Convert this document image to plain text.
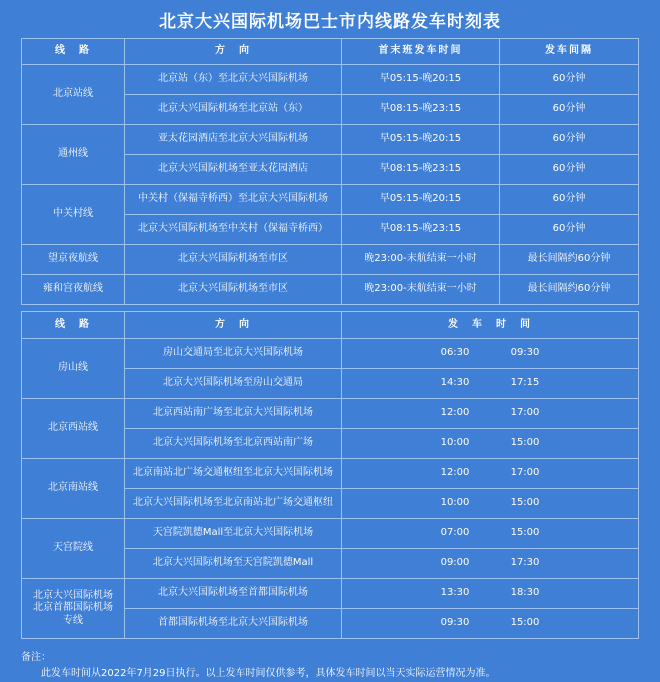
北京大兴国际机场巴士市内线路发车时刻表
线　路	方　向	首末班发车时间	发车间隔
北京站线	北京站（东）至北京大兴国际机场	早05:15-晚20:15	60分钟
	北京大兴国际机场至北京站（东）	早08:15-晚23:15	60分钟
通州线	亚太花园酒店至北京大兴国际机场	早05:15-晚20:15	60分钟
	北京大兴国际机场至亚太花园酒店	早08:15-晚23:15	60分钟
中关村线	中关村（保福寺桥西）至北京大兴国际机场	早05:15-晚20:15	60分钟
	北京大兴国际机场至中关村（保福寺桥西）	早08:15-晚23:15	60分钟
望京夜航线	北京大兴国际机场至市区	晚23:00-末航结束一小时	最长间隔约60分钟
雍和宫夜航线	北京大兴国际机场至市区	晚23:00-末航结束一小时	最长间隔约60分钟
线　路	方　向	发　车　时　间
房山线	房山交通局至北京大兴国际机场	06:30 09:30

	北京大兴国际机场至房山交通局	14:30 17:15

北京西站线	北京西站南广场至北京大兴国际机场	12:00 17:00

	北京大兴国际机场至北京西站南广场	10:00 15:00

北京南站线	北京南站北广场交通枢纽至北京大兴国际机场	12:00 17:00

	北京大兴国际机场至北京南站北广场交通枢纽	10:00 15:00

天宫院线	天宫院凯德Mall至北京大兴国际机场	07:00 15:00

	北京大兴国际机场至天宫院凯德Mall	09:00 17:30

北京大兴国际机场
北京首都国际机场
专线	北京大兴国际机场至首都国际机场	13:30 18:30

	首都国际机场至北京大兴国际机场	09:30 15:00
备注：
此发车时间从2022年7月29日执行。以上发车时间仅供参考，具体发车时间以当天实际运营情况为准。
